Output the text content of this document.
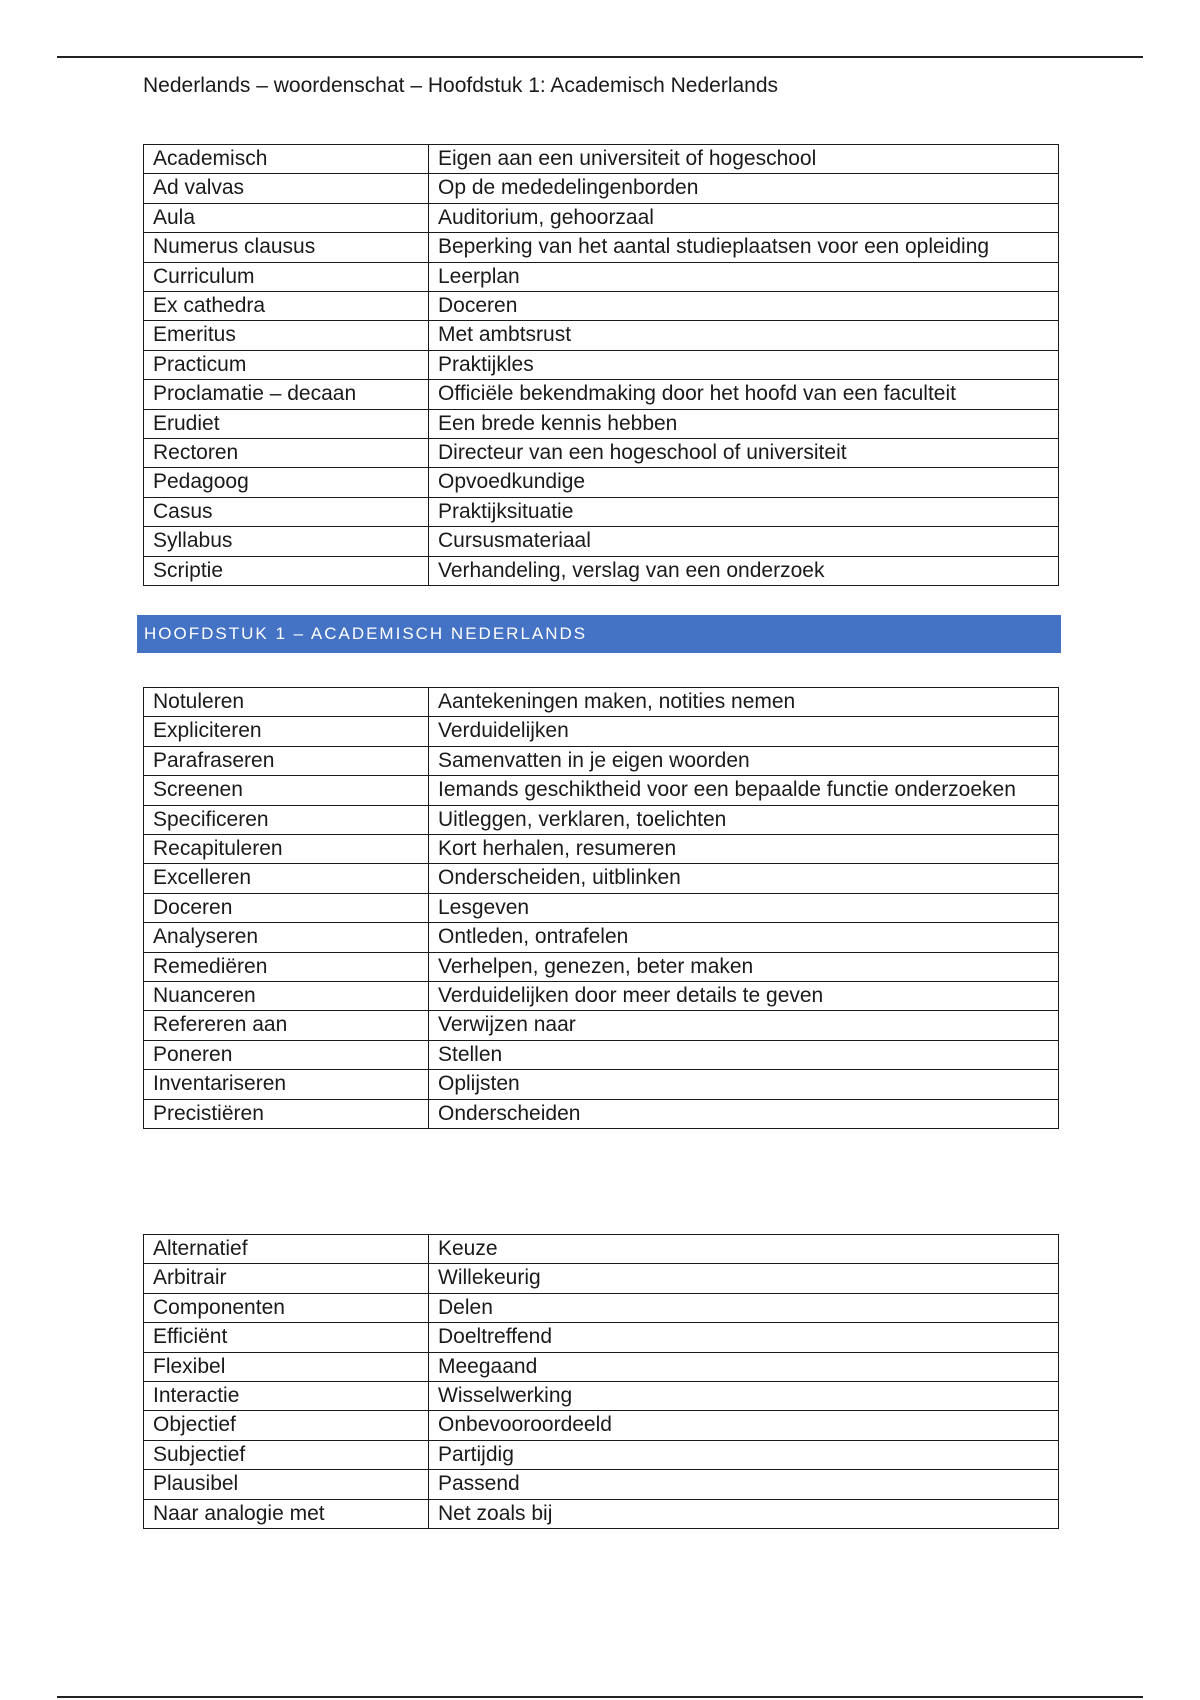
Nederlands – woordenschat – Hoofdstuk 1: Academisch Nederlands
Academisch	Eigen aan een universiteit of hogeschool
Ad valvas	Op de mededelingenborden
Aula	Auditorium, gehoorzaal
Numerus clausus	Beperking van het aantal studieplaatsen voor een opleiding
Curriculum	Leerplan
Ex cathedra	Doceren
Emeritus	Met ambtsrust
Practicum	Praktijkles
Proclamatie – decaan	Officiële bekendmaking door het hoofd van een faculteit
Erudiet	Een brede kennis hebben
Rectoren	Directeur van een hogeschool of universiteit
Pedagoog	Opvoedkundige
Casus	Praktijksituatie
Syllabus	Cursusmateriaal
Scriptie	Verhandeling, verslag van een onderzoek
HOOFDSTUK 1 – ACADEMISCH NEDERLANDS
Notuleren	Aantekeningen maken, notities nemen
Expliciteren	Verduidelijken
Parafraseren	Samenvatten in je eigen woorden
Screenen	Iemands geschiktheid voor een bepaalde functie onderzoeken
Specificeren	Uitleggen, verklaren, toelichten
Recapituleren	Kort herhalen, resumeren
Excelleren	Onderscheiden, uitblinken
Doceren	Lesgeven
Analyseren	Ontleden, ontrafelen
Remediëren	Verhelpen, genezen, beter maken
Nuanceren	Verduidelijken door meer details te geven
Refereren aan	Verwijzen naar
Poneren	Stellen
Inventariseren	Oplijsten
Precistiëren	Onderscheiden
Alternatief	Keuze
Arbitrair	Willekeurig
Componenten	Delen
Efficiënt	Doeltreffend
Flexibel	Meegaand
Interactie	Wisselwerking
Objectief	Onbevooroordeeld
Subjectief	Partijdig
Plausibel	Passend
Naar analogie met	Net zoals bij
